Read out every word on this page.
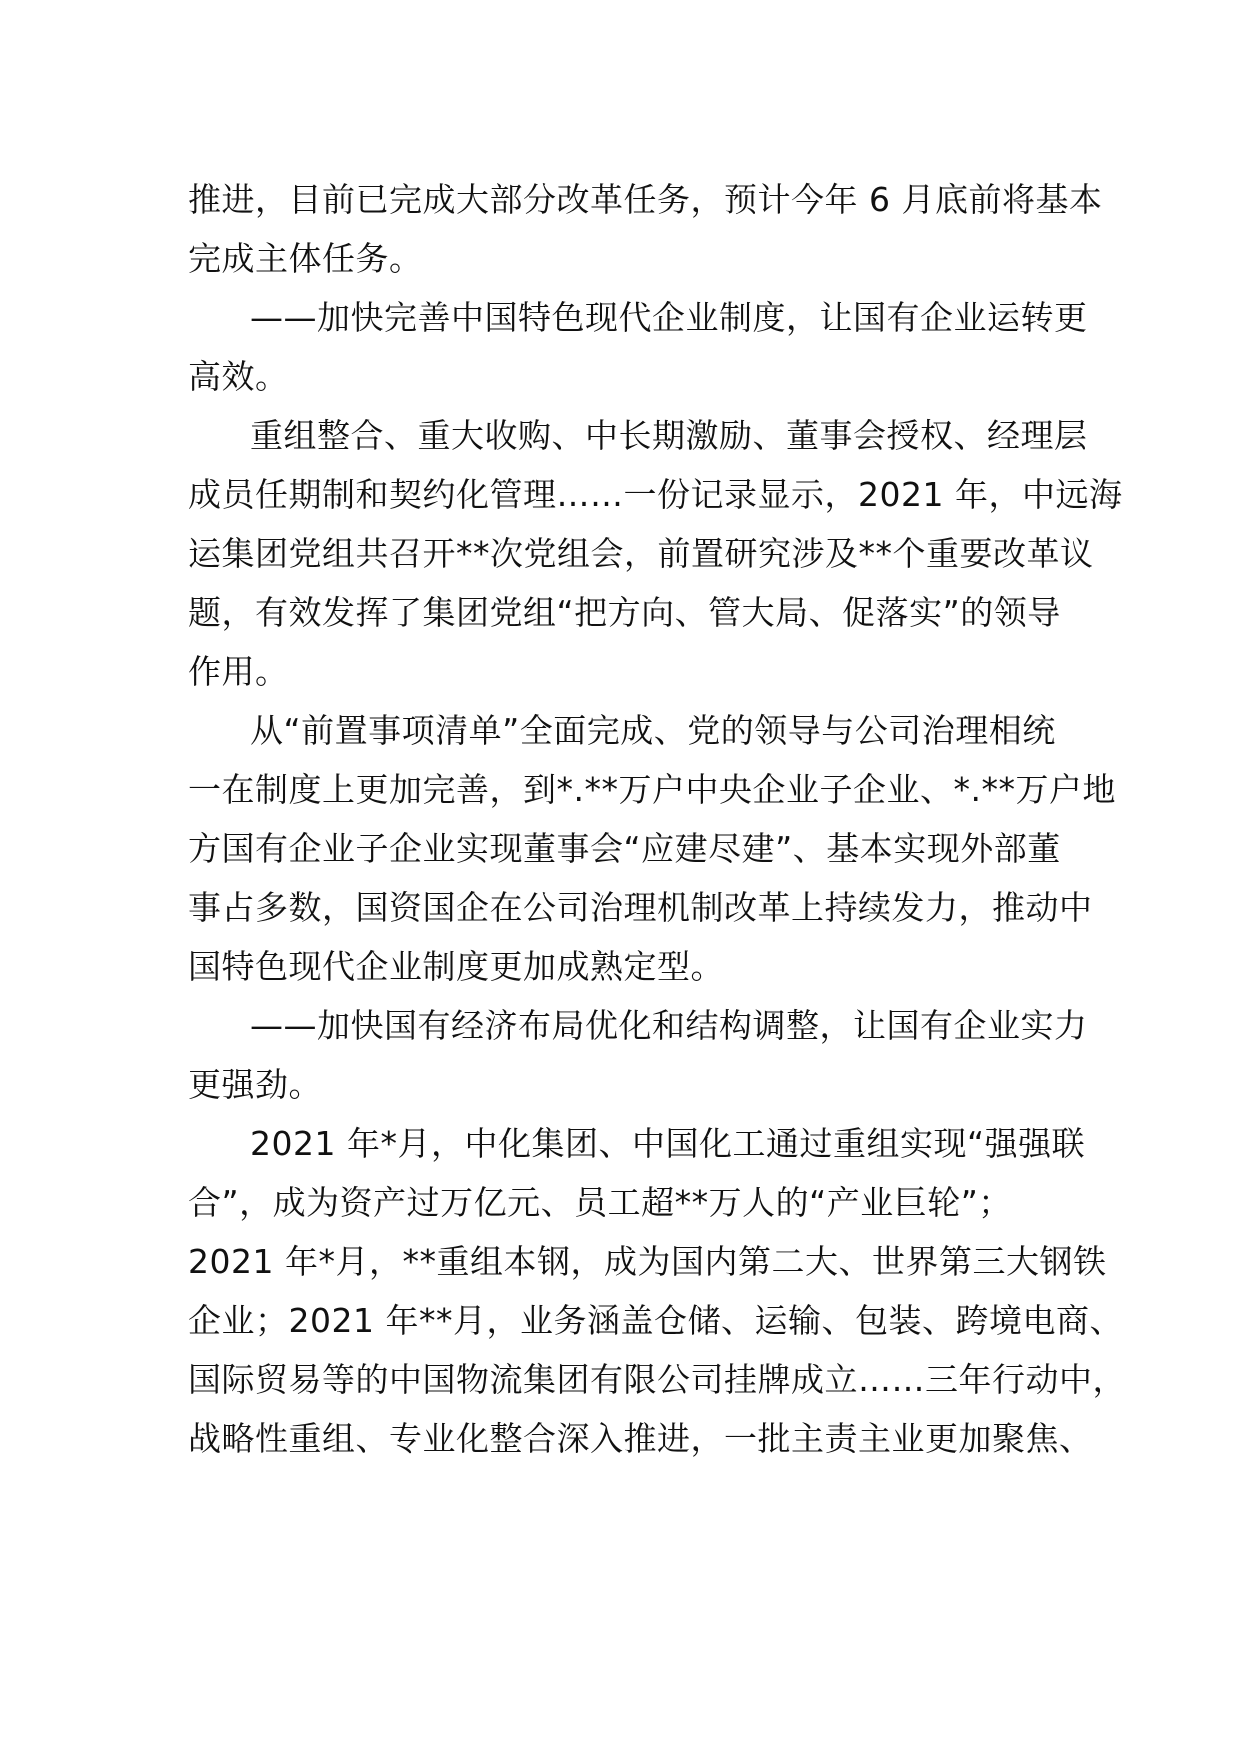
推进，目前已完成大部分改革任务，预计今年 6 月底前将基本
完成主体任务。
——加快完善中国特色现代企业制度，让国有企业运转更
高效。
重组整合、重大收购、中长期激励、董事会授权、经理层
成员任期制和契约化管理……一份记录显示，2021 年，中远海
运集团党组共召开**次党组会，前置研究涉及**个重要改革议
题，有效发挥了集团党组“把方向、管大局、促落实”的领导
作用。
从“前置事项清单”全面完成、党的领导与公司治理相统
一在制度上更加完善，到*.**万户中央企业子企业、*.**万户地
方国有企业子企业实现董事会“应建尽建”、基本实现外部董
事占多数，国资国企在公司治理机制改革上持续发力，推动中
国特色现代企业制度更加成熟定型。
——加快国有经济布局优化和结构调整，让国有企业实力
更强劲。
2021 年*月，中化集团、中国化工通过重组实现“强强联
合”，成为资产过万亿元、员工超**万人的“产业巨轮”；
2021 年*月，**重组本钢，成为国内第二大、世界第三大钢铁
企业；2021 年**月，业务涵盖仓储、运输、包装、跨境电商、
国际贸易等的中国物流集团有限公司挂牌成立……三年行动中，
战略性重组、专业化整合深入推进，一批主责主业更加聚焦、
